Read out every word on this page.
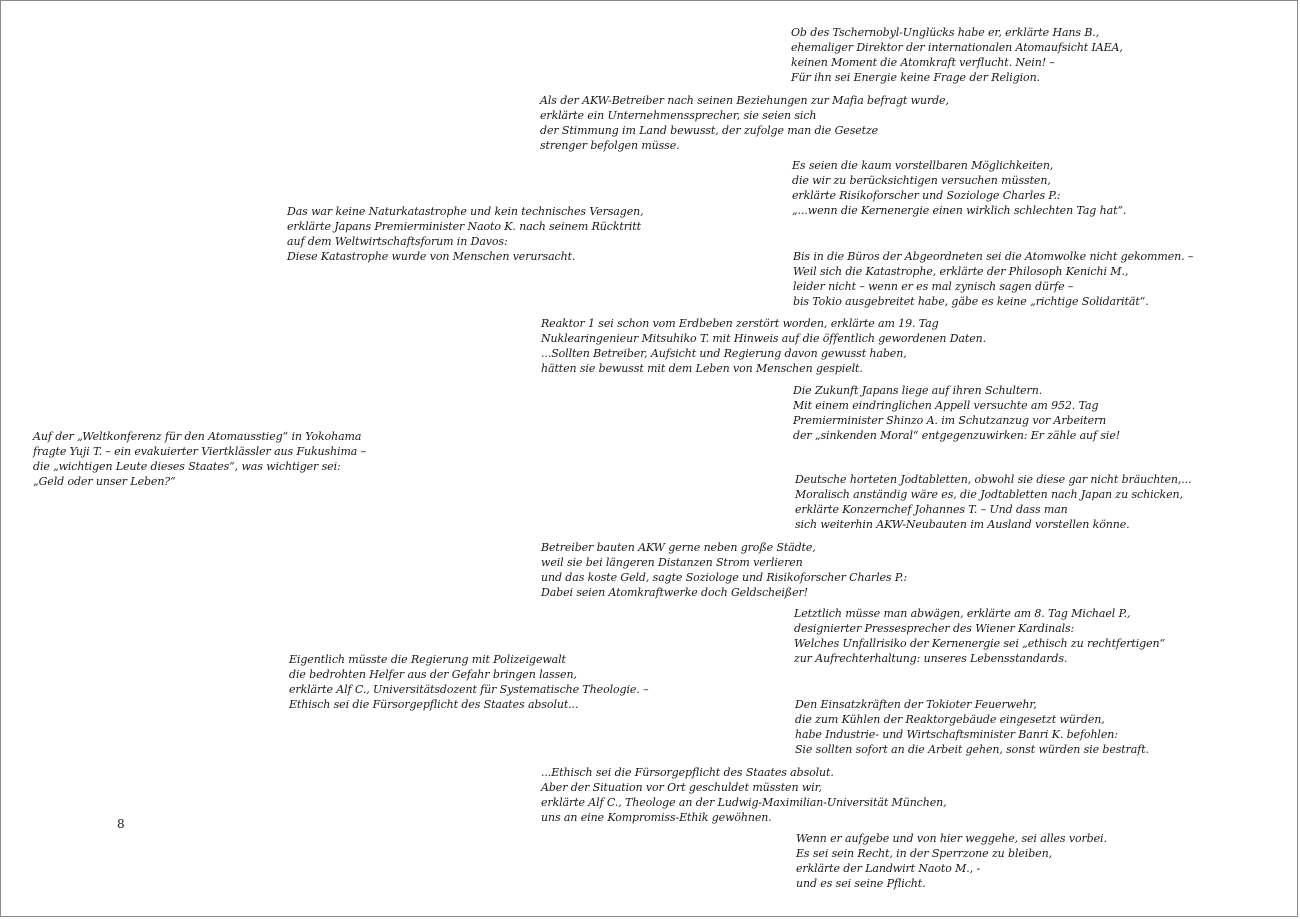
Ob des Tschernobyl-Unglücks habe er, erklärte Hans B.,
ehemaliger Direktor der internationalen Atomaufsicht IAEA,
keinen Moment die Atomkraft verflucht. Nein! –
Für ihn sei Energie keine Frage der Religion.
Als der AKW-Betreiber nach seinen Beziehungen zur Mafia befragt wurde,
erklärte ein Unternehmenssprecher, sie seien sich
der Stimmung im Land bewusst, der zufolge man die Gesetze
strenger befolgen müsse.
Es seien die kaum vorstellbaren Möglichkeiten,
die wir zu berücksichtigen versuchen müssten,
erklärte Risikoforscher und Soziologe Charles P.:
„...wenn die Kernenergie einen wirklich schlechten Tag hat“.
Das war keine Naturkatastrophe und kein technisches Versagen,
erklärte Japans Premierminister Naoto K. nach seinem Rücktritt
auf dem Weltwirtschaftsforum in Davos:
Diese Katastrophe wurde von Menschen verursacht.	Bis in die Büros der Abgeordneten sei die Atomwolke nicht gekommen. –
Weil sich die Katastrophe, erklärte der Philosoph Kenichi M.,
leider nicht – wenn er es mal zynisch sagen dürfe –
bis Tokio ausgebreitet habe, gäbe es keine „richtige Solidarität“.
Reaktor 1 sei schon vom Erdbeben zerstört worden, erklärte am 19. Tag
Nuklearingenieur Mitsuhiko T. mit Hinweis auf die öffentlich gewordenen Daten.
...Sollten Betreiber, Aufsicht und Regierung davon gewusst haben,
hätten sie bewusst mit dem Leben von Menschen gespielt.
Die Zukunft Japans liege auf ihren Schultern.
Mit einem eindringlichen Appell versuchte am 952. Tag
Premierminister Shinzo A. im Schutzanzug vor Arbeitern
der „sinkenden Moral“ entgegenzuwirken: Er zähle auf sie!
Auf der „Weltkonferenz für den Atomausstieg“ in Yokohama
fragte Yuji T. – ein evakuierter Viertklässler aus Fukushima –
die „wichtigen Leute dieses Staates“, was wichtiger sei:
„Geld oder unser Leben?“	Deutsche horteten Jodtabletten, obwohl sie diese gar nicht bräuchten,...
Moralisch anständig wäre es, die Jodtabletten nach Japan zu schicken,
erklärte Konzernchef Johannes T. – Und dass man
sich weiterhin AKW-Neubauten im Ausland vorstellen könne.
Betreiber bauten AKW gerne neben große Städte,
weil sie bei längeren Distanzen Strom verlieren
und das koste Geld, sagte Soziologe und Risikoforscher Charles P.:
Dabei seien Atomkraftwerke doch Geldscheißer!
Letztlich müsse man abwägen, erklärte am 8. Tag Michael P.,
designierter Pressesprecher des Wiener Kardinals:
Welches Unfallrisiko der Kernenergie sei „ethisch zu rechtfertigen“
zur Aufrechterhaltung: unseres Lebensstandards.
Eigentlich müsste die Regierung mit Polizeigewalt
die bedrohten Helfer aus der Gefahr bringen lassen,
erklärte Alf C., Universitätsdozent für Systematische Theologie. –
Ethisch sei die Fürsorgepflicht des Staates absolut...	Den Einsatzkräften der Tokioter Feuerwehr,
die zum Kühlen der Reaktorgebäude eingesetzt würden,
habe Industrie- und Wirtschaftsminister Banri K. befohlen:
Sie sollten sofort an die Arbeit gehen, sonst würden sie bestraft.
...Ethisch sei die Fürsorgepflicht des Staates absolut.
Aber der Situation vor Ort geschuldet müssten wir,
erklärte Alf C., Theologe an der Ludwig-Maximilian-Universität München,
uns an eine Kompromiss-Ethik gewöhnen.
Wenn er aufgebe und von hier weggehe, sei alles vorbei.
Es sei sein Recht, in der Sperrzone zu bleiben,
erklärte der Landwirt Naoto M., -
und es sei seine Pflicht.
8
